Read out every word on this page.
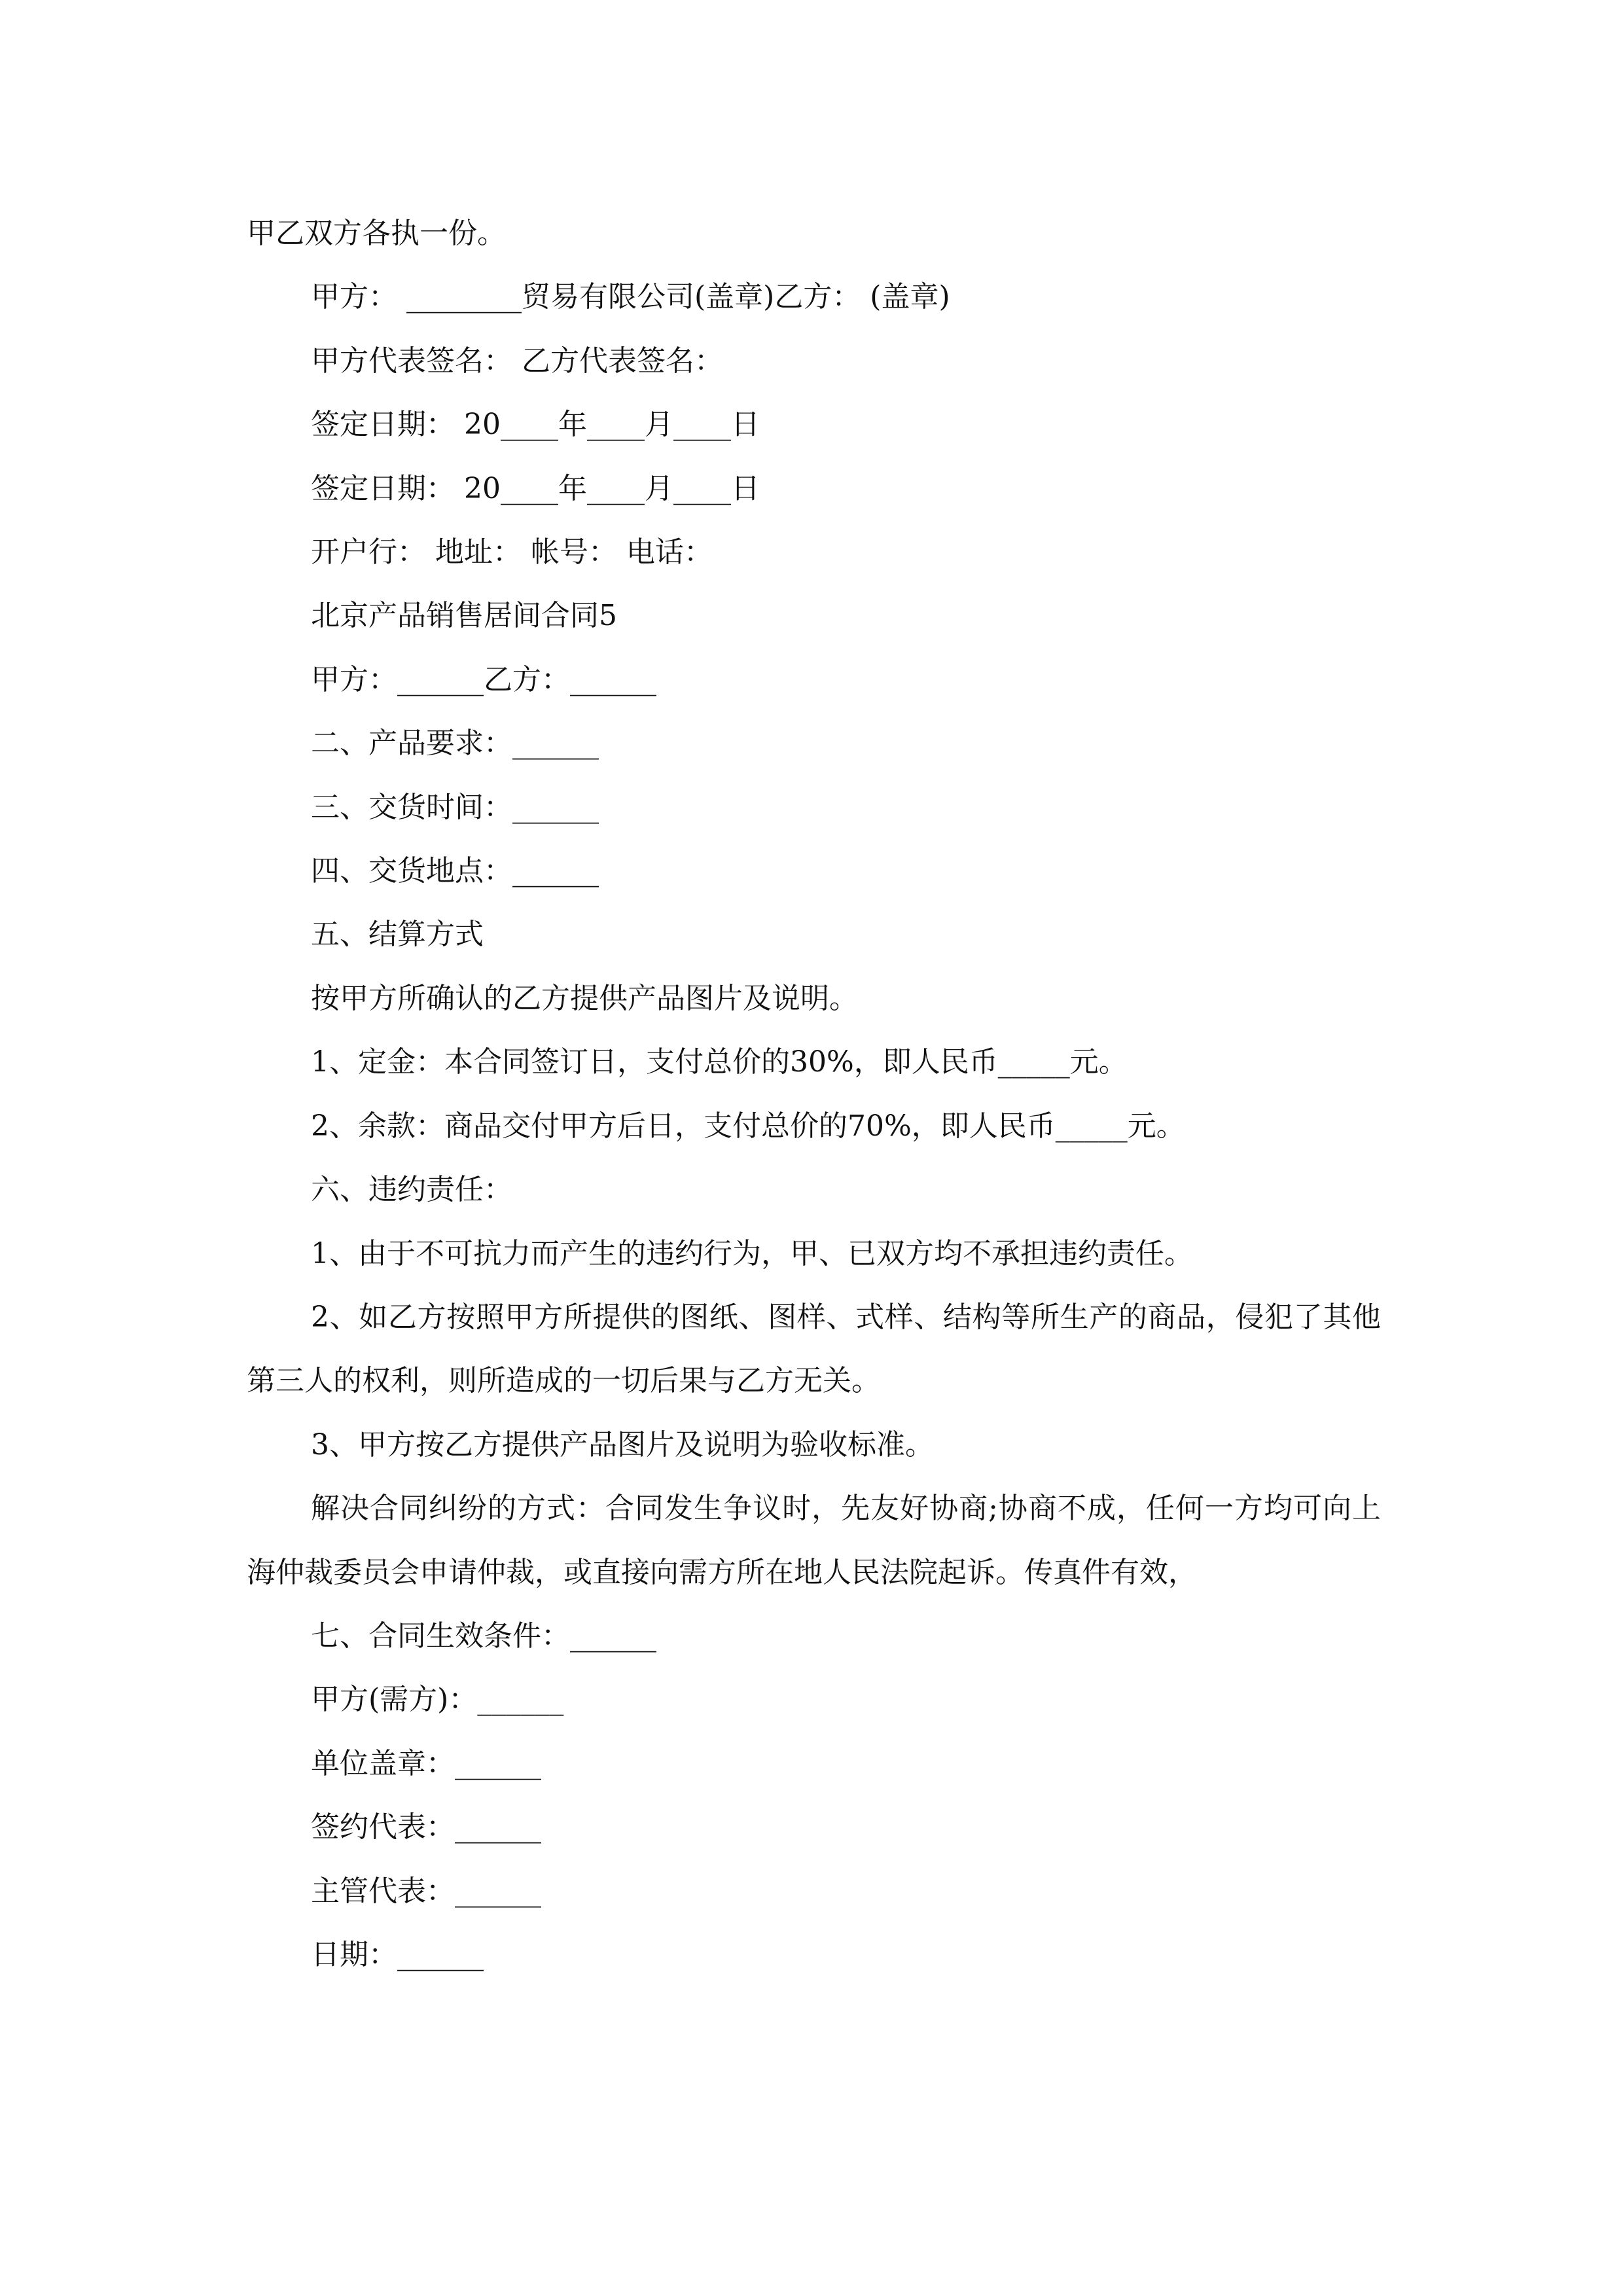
甲乙双方各执一份。

甲方： ________贸易有限公司(盖章)乙方： (盖章)

甲方代表签名： 乙方代表签名：

签定日期： 20____年____月____日

签定日期： 20____年____月____日

开户行： 地址： 帐号： 电话：

北京产品销售居间合同5

甲方：______乙方：______

二、产品要求：______

三、交货时间：______

四、交货地点：______

五、结算方式

按甲方所确认的乙方提供产品图片及说明。

1、定金：本合同签订日，支付总价的30%，即人民币_____元。

2、余款：商品交付甲方后日，支付总价的70%，即人民币_____元。

六、违约责任：

1、由于不可抗力而产生的违约行为，甲、已双方均不承担违约责任。

2、如乙方按照甲方所提供的图纸、图样、式样、结构等所生产的商品，侵犯了其他第三人的权利，则所造成的一切后果与乙方无关。

3、甲方按乙方提供产品图片及说明为验收标准。

解决合同纠纷的方式：合同发生争议时，先友好协商;协商不成，任何一方均可向上海仲裁委员会申请仲裁，或直接向需方所在地人民法院起诉。传真件有效，

七、合同生效条件：______

甲方(需方)：______

单位盖章：______

签约代表：______

主管代表：______

日期：______
